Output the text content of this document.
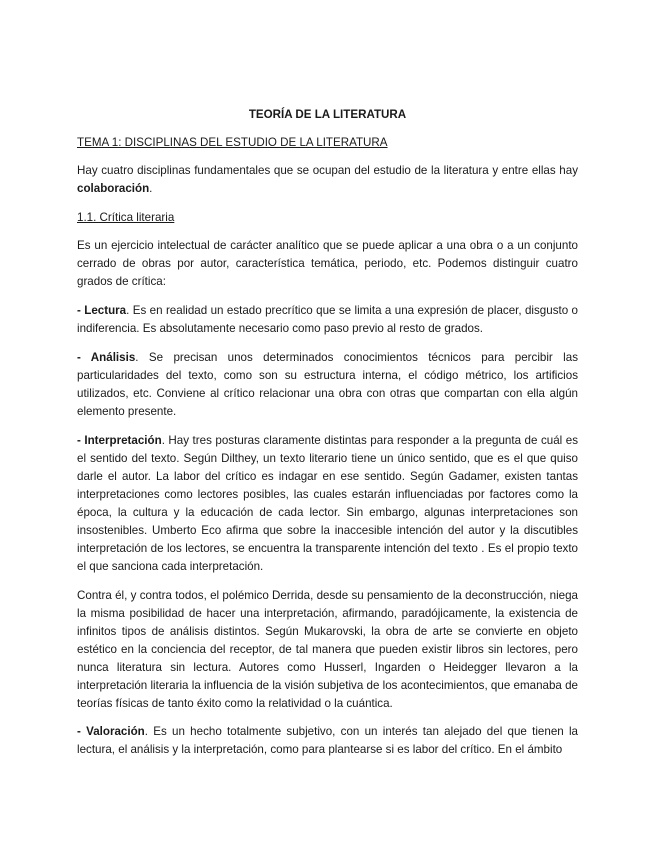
TEORÍA DE LA LITERATURA
TEMA 1: DISCIPLINAS DEL ESTUDIO DE LA LITERATURA

Hay cuatro disciplinas fundamentales que se ocupan del estudio de la literatura y entre ellas hay colaboración.

1.1. Crítica literaria

Es un ejercicio intelectual de carácter analítico que se puede aplicar a una obra o a un conjunto cerrado de obras por autor, característica temática, periodo, etc. Podemos distinguir cuatro grados de crítica:

- Lectura. Es en realidad un estado precrítico que se limita a una expresión de placer, disgusto o indiferencia. Es absolutamente necesario como paso previo al resto de grados.

- Análisis. Se precisan unos determinados conocimientos técnicos para percibir las particularidades del texto, como son su estructura interna, el código métrico, los artificios utilizados, etc. Conviene al crítico relacionar una obra con otras que compartan con ella algún elemento presente.

- Interpretación. Hay tres posturas claramente distintas para responder a la pregunta de cuál es el sentido del texto. Según Dilthey, un texto literario tiene un único sentido, que es el que quiso darle el autor. La labor del crítico es indagar en ese sentido. Según Gadamer, existen tantas interpretaciones como lectores posibles, las cuales estarán influenciadas por factores como la época, la cultura y la educación de cada lector. Sin embargo, algunas interpretaciones son insostenibles. Umberto Eco afirma que sobre la inaccesible intención del autor y la discutibles interpretación de los lectores, se encuentra la transparente intención del texto . Es el propio texto el que sanciona cada interpretación.

Contra él, y contra todos, el polémico Derrida, desde su pensamiento de la deconstrucción, niega la misma posibilidad de hacer una interpretación, afirmando, paradójicamente, la existencia de infinitos tipos de análisis distintos. Según Mukarovski, la obra de arte se convierte en objeto estético en la conciencia del receptor, de tal manera que pueden existir libros sin lectores, pero nunca literatura sin lectura. Autores como Husserl, Ingarden o Heidegger llevaron a la interpretación literaria la influencia de la visión subjetiva de los acontecimientos, que emanaba de teorías físicas de tanto éxito como la relatividad o la cuántica.

- Valoración. Es un hecho totalmente subjetivo, con un interés tan alejado del que tienen la lectura, el análisis y la interpretación, como para plantearse si es labor del crítico. En el ámbito
